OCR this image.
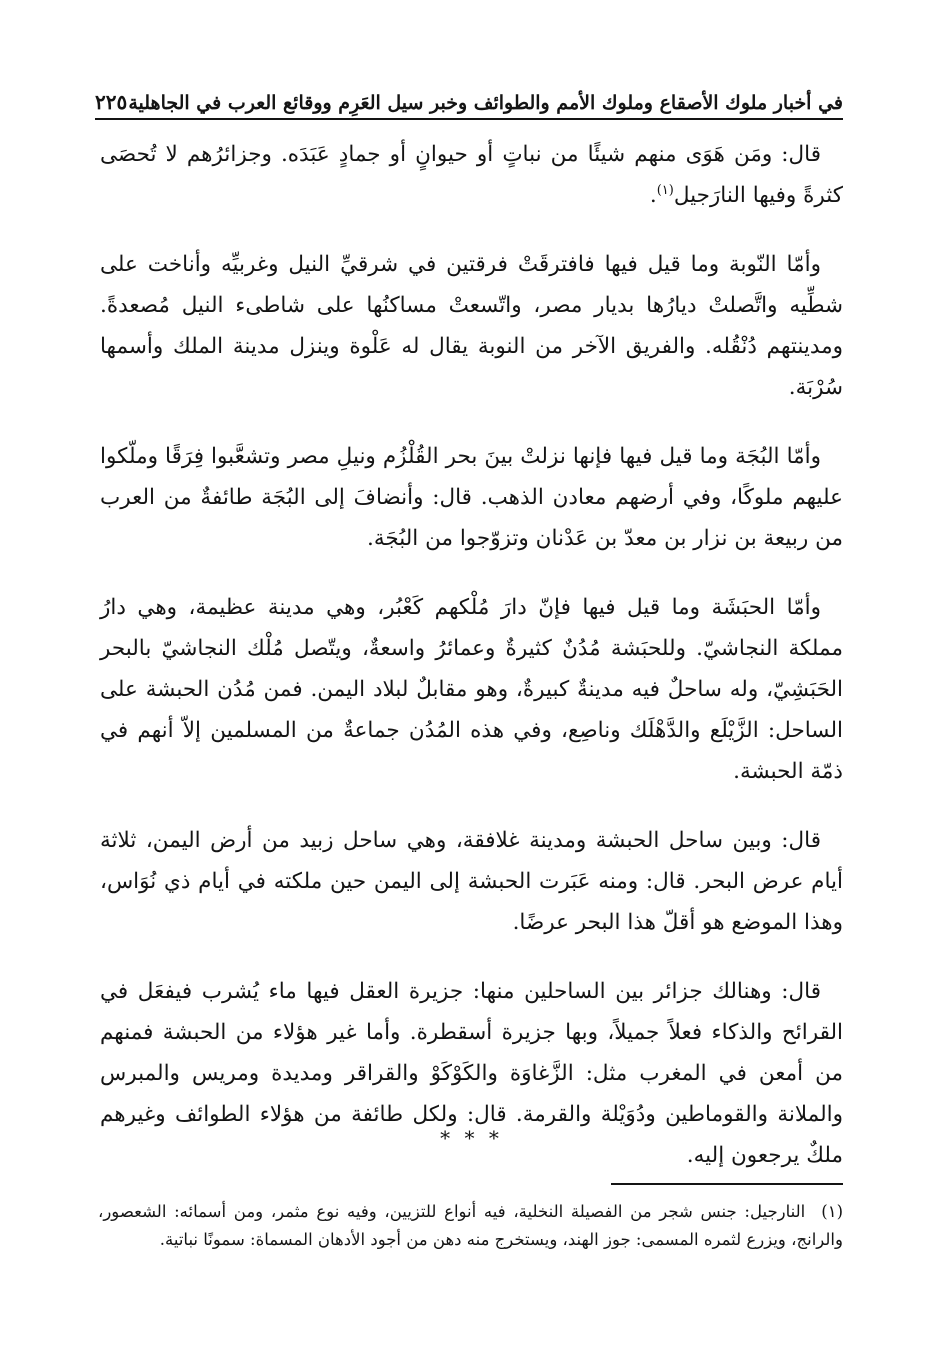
في أخبار ملوك الأصقاع وملوك الأمم والطوائف وخبر سيل العَرِم ووقائع العرب في الجاهلية
٢٢٥

قال: ومَن هَوَى منهم شيئًا من نباتٍ أو حيوانٍ أو جمادٍ عَبَدَه. وجزائرُهم لا تُحصَى كثرةً وفيها النارَجيل$^{(١)}$.

وأمّا النّوبة وما قيل فيها فافترقَتْ فرقتين في شرقيِّ النيل وغربيِّه وأناخت على شطِّيه واتَّصلتْ ديارُها بديار مصر، واتّسعتْ مساكنُها على شاطىء النيل مُصعدةً. ومدينتهم دُنْقُله. والفريق الآخر من النوبة يقال له عَلْوة وينزل مدينة الملك وأسمها سُرْبَة.

وأمّا البُجَة وما قيل فيها فإنها نزلتْ بينَ بحر القُلْزُم ونيلِ مصر وتشعَّبوا فِرَقًا وملّكوا عليهم ملوكًا، وفي أرضهم معادن الذهب. قال: وأنضافَ إلى البُجَة طائفةٌ من العرب من ربيعة بن نزار بن معدّ بن عَدْنان وتزوّجوا من البُجَة.

وأمّا الحبَشَة وما قيل فيها فإنّ دارَ مُلْكهم كَعْبُر، وهي مدينة عظيمة، وهي دارُ مملكة النجاشيّ. وللحبَشة مُدُنٌ كثيرةٌ وعمائرُ واسعةٌ، ويتّصل مُلْك النجاشيّ بالبحر الحَبَشِيّ، وله ساحلٌ فيه مدينةٌ كبيرةٌ، وهو مقابلٌ لبلاد اليمن. فمن مُدُن الحبشة على الساحل: الزَّيْلَع والدَّهْلَك وناصِع، وفي هذه المُدُن جماعةٌ من المسلمين إلاّ أنهم في ذمّة الحبشة.

قال: وبين ساحل الحبشة ومدينة غلافقة، وهي ساحل زبيد من أرض اليمن، ثلاثة أيام عرض البحر. قال: ومنه عَبَرت الحبشة إلى اليمن حين ملكته في أيام ذي نُوَاس، وهذا الموضع هو أقلّ هذا البحر عرضًا.

قال: وهنالك جزائر بين الساحلين منها: جزيرة العقل فيها ماء يُشرب فيفعَل في القرائح والذكاء فعلاً جميلاً، وبها جزيرة أسقطرة. وأما غير هؤلاء من الحبشة فمنهم من أمعن في المغرب مثل: الزَّغاوَة والكَوْكَوْ والقراقر ومديدة ومريس والمبرس والملانة والقوماطين ودُوَيْلة والقرمة. قال: ولكل طائفة من هؤلاء الطوائف وغيرهم ملكٌ يرجعون إليه.

* * *
(١)النارجيل: جنس شجر من الفصيلة النخلية، فيه أنواع للتزيين، وفيه نوع مثمر، ومن أسمائه: الشعصور، والرانج، ويزرع لثمره المسمى: جوز الهند، ويستخرج منه دهن من أجود الأدهان المسماة: سمونًا نباتية.
